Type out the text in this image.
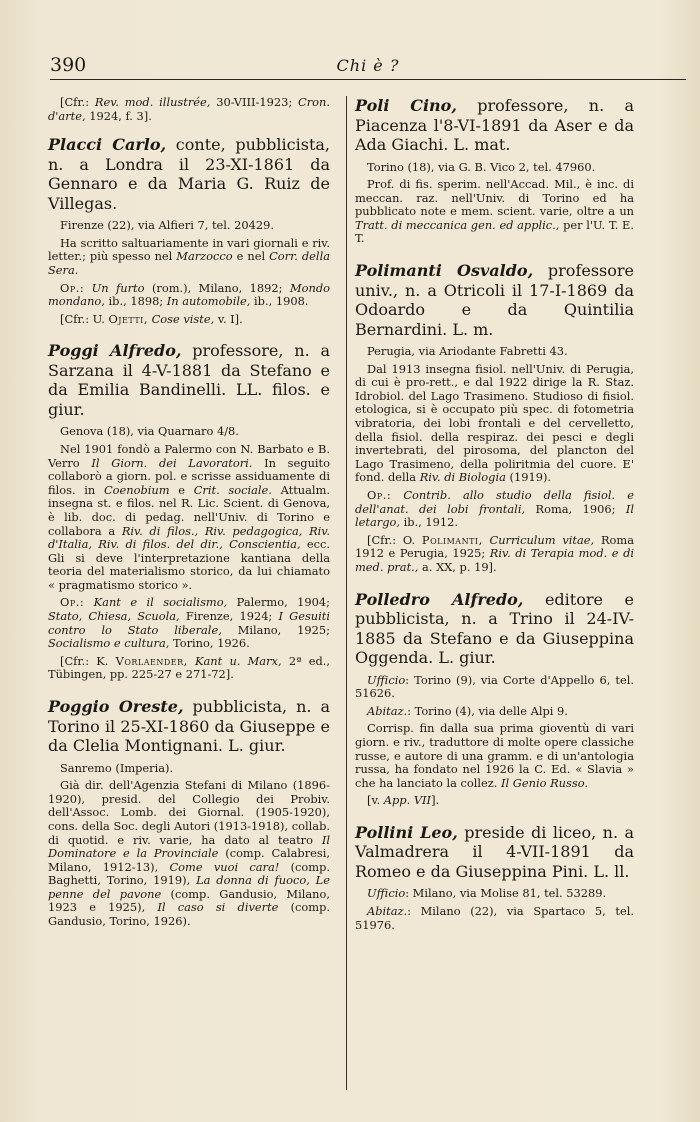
390	Chi è ?

[Cfr.: Rev. mod. illustrée, 30-VIII-1923; Cron. d'arte, 1924, f. 3].

Placci Carlo, conte, pubblicista, n. a Londra il 23-XI-1861 da Gennaro e da Maria G. Ruiz de Villegas.

Firenze (22), via Alfieri 7, tel. 20429.

Ha scritto saltuariamente in vari giornali e riv. letter.; più spesso nel Marzocco e nel Corr. della Sera.

Op.: Un furto (rom.), Milano, 1892; Mondo mondano, ib., 1898; In automobile, ib., 1908.

[Cfr.: U. Ojetti, Cose viste, v. I].

Poggi Alfredo, professore, n. a Sarzana il 4-V-1881 da Stefano e da Emilia Bandinelli. LL. filos. e giur.

Genova (18), via Quarnaro 4/8.

Nel 1901 fondò a Palermo con N. Barbato e B. Verro Il Giorn. dei Lavoratori. In seguito collaborò a giorn. pol. e scrisse assiduamente di filos. in Coenobium e Crit. sociale. Attualm. insegna st. e filos. nel R. Lic. Scient. di Genova, è lib. doc. di pedag. nell'Univ. di Torino e collabora a Riv. di filos., Riv. pedagogica, Riv. d'Italia, Riv. di filos. del dir., Conscientia, ecc. Gli si deve l'interpretazione kantiana della teoria del materialismo storico, da lui chiamato « pragmatismo storico ».

Op.: Kant e il socialismo, Palermo, 1904; Stato, Chiesa, Scuola, Firenze, 1924; I Gesuiti contro lo Stato liberale, Milano, 1925; Socialismo e cultura, Torino, 1926.

[Cfr.: K. Vorlaender, Kant u. Marx, 2ª ed., Tübingen, pp. 225-27 e 271-72].

Poggio Oreste, pubblicista, n. a Torino il 25-XI-1860 da Giuseppe e da Clelia Montignani. L. giur.

Sanremo (Imperia).

Già dir. dell'Agenzia Stefani di Milano (1896-1920), presid. del Collegio dei Probiv. dell'Assoc. Lomb. dei Giornal. (1905-1920), cons. della Soc. degli Autori (1913-1918), collab. di quotid. e riv. varie, ha dato al teatro Il Dominatore e la Provinciale (comp. Calabresi, Milano, 1912-13), Come vuoi cara! (comp. Baghetti, Torino, 1919), La donna di fuoco, Le penne del pavone (comp. Gandusio, Milano, 1923 e 1925), Il caso si diverte (comp. Gandusio, Torino, 1926).

Poli Cino, professore, n. a Piacenza l'8-VI-1891 da Aser e da Ada Giachi. L. mat.

Torino (18), via G. B. Vico 2, tel. 47960.

Prof. di fis. sperim. nell'Accad. Mil., è inc. di meccan. raz. nell'Univ. di Torino ed ha pubblicato note e mem. scient. varie, oltre a un Tratt. di meccanica gen. ed applic., per l'U. T. E. T.

Polimanti Osvaldo, professore univ., n. a Otricoli il 17-I-1869 da Odoardo e da Quintilia Bernardini. L. m.

Perugia, via Ariodante Fabretti 43.

Dal 1913 insegna fisiol. nell'Univ. di Perugia, di cui è pro-rett., e dal 1922 dirige la R. Staz. Idrobiol. del Lago Trasimeno. Studioso di fisiol. etologica, si è occupato più spec. di fotometria vibratoria, dei lobi frontali e del cervelletto, della fisiol. della respiraz. dei pesci e degli invertebrati, del pirosoma, del plancton del Lago Trasimeno, della poliritmia del cuore. E' fond. della Riv. di Biologia (1919).

Op.: Contrib. allo studio della fisiol. e dell'anat. dei lobi frontali, Roma, 1906; Il letargo, ib., 1912.

[Cfr.: O. Polimanti, Curriculum vitae, Roma 1912 e Perugia, 1925; Riv. di Terapia mod. e di med. prat., a. XX, p. 19].

Polledro Alfredo, editore e pubblicista, n. a Trino il 24-IV-1885 da Stefano e da Giuseppina Oggenda. L. giur.

Ufficio: Torino (9), via Corte d'Appello 6, tel. 51626.

Abitaz.: Torino (4), via delle Alpi 9.

Corrisp. fin dalla sua prima gioventù di vari giorn. e riv., traduttore di molte opere classiche russe, e autore di una gramm. e di un'antologia russa, ha fondato nel 1926 la C. Ed. « Slavia » che ha lanciato la collez. Il Genio Russo.

[v. App. VII].

Pollini Leo, preside di liceo, n. a Valmadrera il 4-VII-1891 da Romeo e da Giuseppina Pini. L. ll.

Ufficio: Milano, via Molise 81, tel. 53289.

Abitaz.: Milano (22), via Spartaco 5, tel. 51976.
